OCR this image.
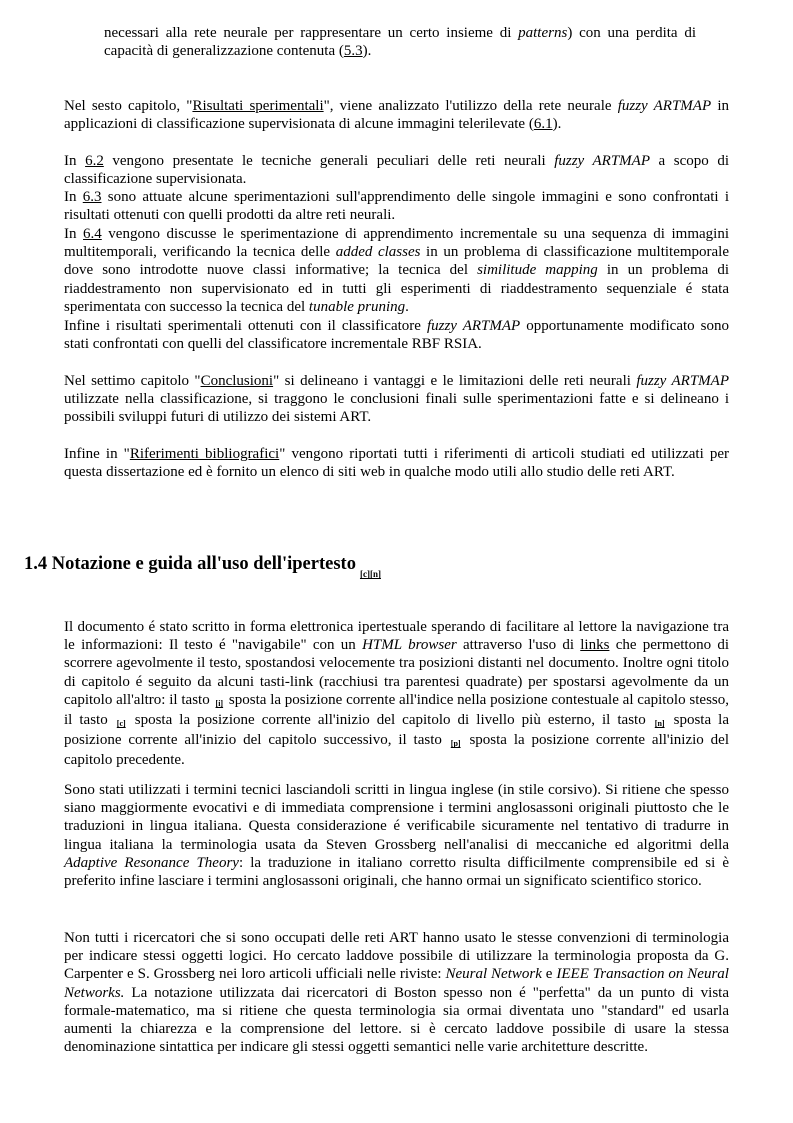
necessari alla rete neurale per rappresentare un certo insieme di patterns) con una perdita di capacità di generalizzazione contenuta (5.3).

Nel sesto capitolo, "Risultati sperimentali", viene analizzato l'utilizzo della rete neurale fuzzy ARTMAP in applicazioni di classificazione supervisionata di alcune immagini telerilevate (6.1).

In 6.2 vengono presentate le tecniche generali peculiari delle reti neurali fuzzy ARTMAP a scopo di classificazione supervisionata.

In 6.3 sono attuate alcune sperimentazioni sull'apprendimento delle singole immagini e sono confrontati i risultati ottenuti con quelli prodotti da altre reti neurali.

In 6.4 vengono discusse le sperimentazione di apprendimento incrementale su una sequenza di immagini multitemporali, verificando la tecnica delle added classes in un problema di classificazione multitemporale dove sono introdotte nuove classi informative; la tecnica del similitude mapping in un problema di riaddestramento non supervisionato ed in tutti gli esperimenti di riaddestramento sequenziale é stata sperimentata con successo la tecnica del tunable pruning.

Infine i risultati sperimentali ottenuti con il classificatore fuzzy ARTMAP opportunamente modificato sono stati confrontati con quelli del classificatore incrementale RBF RSIA.

Nel settimo capitolo "Conclusioni" si delineano i vantaggi e le limitazioni delle reti neurali fuzzy ARTMAP utilizzate nella classificazione, si traggono le conclusioni finali sulle sperimentazioni fatte e si delineano i possibili sviluppi futuri di utilizzo dei sistemi ART.

Infine in "Riferimenti bibliografici" vengono riportati tutti i riferimenti di articoli studiati ed utilizzati per questa dissertazione ed è fornito un elenco di siti web in qualche modo utili allo studio delle reti ART.

1.4 Notazione e guida all'uso dell'ipertesto [c][n]

Il documento é stato scritto in forma elettronica ipertestuale sperando di facilitare al lettore la navigazione tra le informazioni: Il testo é "navigabile" con un HTML browser attraverso l'uso di links che permettono di scorrere agevolmente il testo, spostandosi velocemente tra posizioni distanti nel documento. Inoltre ogni titolo di capitolo é seguito da alcuni tasti-link (racchiusi tra parentesi quadrate) per spostarsi agevolmente da un capitolo all'altro: il tasto [i] sposta la posizione corrente all'indice nella posizione contestuale al capitolo stesso, il tasto [c] sposta la posizione corrente all'inizio del capitolo di livello più esterno, il tasto [n] sposta la posizione corrente all'inizio del capitolo successivo, il tasto [p] sposta la posizione corrente all'inizio del capitolo precedente.

Sono stati utilizzati i termini tecnici lasciandoli scritti in lingua inglese (in stile corsivo). Si ritiene che spesso siano maggiormente evocativi e di immediata comprensione i termini anglosassoni originali piuttosto che le traduzioni in lingua italiana. Questa considerazione é verificabile sicuramente nel tentativo di tradurre in lingua italiana la terminologia usata da Steven Grossberg nell'analisi di meccaniche ed algoritmi della Adaptive Resonance Theory: la traduzione in italiano corretto risulta difficilmente comprensibile ed si è preferito infine lasciare i termini anglosassoni originali, che hanno ormai un significato scientifico storico.

Non tutti i ricercatori che si sono occupati delle reti ART hanno usato le stesse convenzioni di terminologia per indicare stessi oggetti logici. Ho cercato laddove possibile di utilizzare la terminologia proposta da G. Carpenter e S. Grossberg nei loro articoli ufficiali nelle riviste: Neural Network e IEEE Transaction on Neural Networks. La notazione utilizzata dai ricercatori di Boston spesso non é "perfetta" da un punto di vista formale-matematico, ma si ritiene che questa terminologia sia ormai diventata uno "standard" ed usarla aumenti la chiarezza e la comprensione del lettore. si è cercato laddove possibile di usare la stessa denominazione sintattica per indicare gli stessi oggetti semantici nelle varie architetture descritte.
